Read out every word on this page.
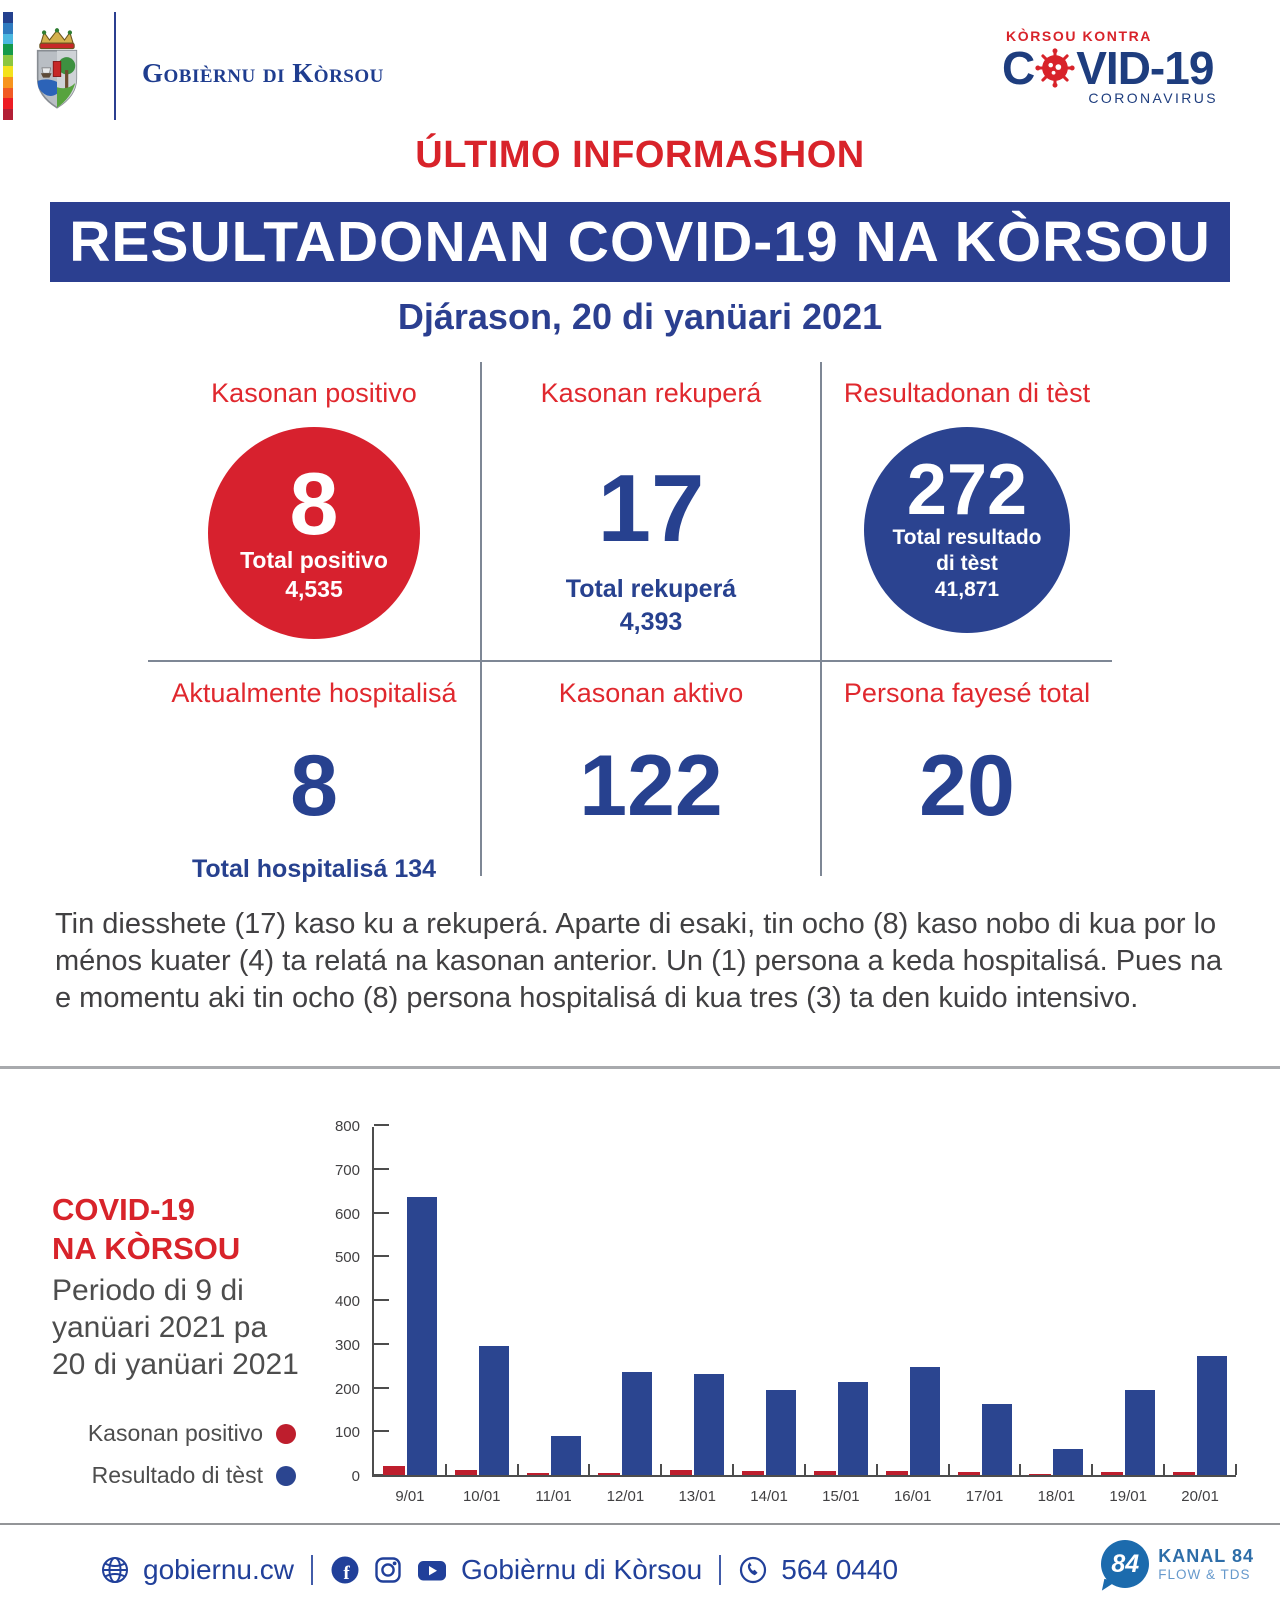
Gobièrnu di Kòrsou
KÒRSOU KONTRA
C VID-19
CORONAVIRUS
ÚLTIMO INFORMASHON
RESULTADONAN COVID-19 NA KÒRSOU
Djárason, 20 di yanüari 2021
Kasonan positivo
8
Total positivo
4,535
Kasonan rekuperá
17
Total rekuperá
4,393
Resultadonan di tèst
272
Total resultado
di tèst
41,871
Aktualmente hospitalisá
8
Total hospitalisá 134
Kasonan aktivo
122
Persona fayesé total
20
Tin diesshete (17) kaso ku a rekuperá. Aparte di esaki, tin ocho (8) kaso nobo di kua por lo ménos kuater (4) ta relatá na kasonan anterior. Un (1) persona a keda hospitalisá. Pues na e momentu aki tin ocho (8) persona hospitalisá di kua tres (3) ta den kuido intensivo.
COVID-19
NA KÒRSOU
Periodo di 9 di
yanüari 2021 pa
20 di yanüari 2021
Kasonan positivo
Resultado di tèst	0
100
200
300
400
500
600
700
800
9/01	10/01	11/01	12/01	13/01	14/01	15/01	16/01	17/01	18/01	19/01	20/01
gobiernu.cw	f	Gobièrnu di Kòrsou	564 0440	84	KANAL 84
FLOW & TDS
